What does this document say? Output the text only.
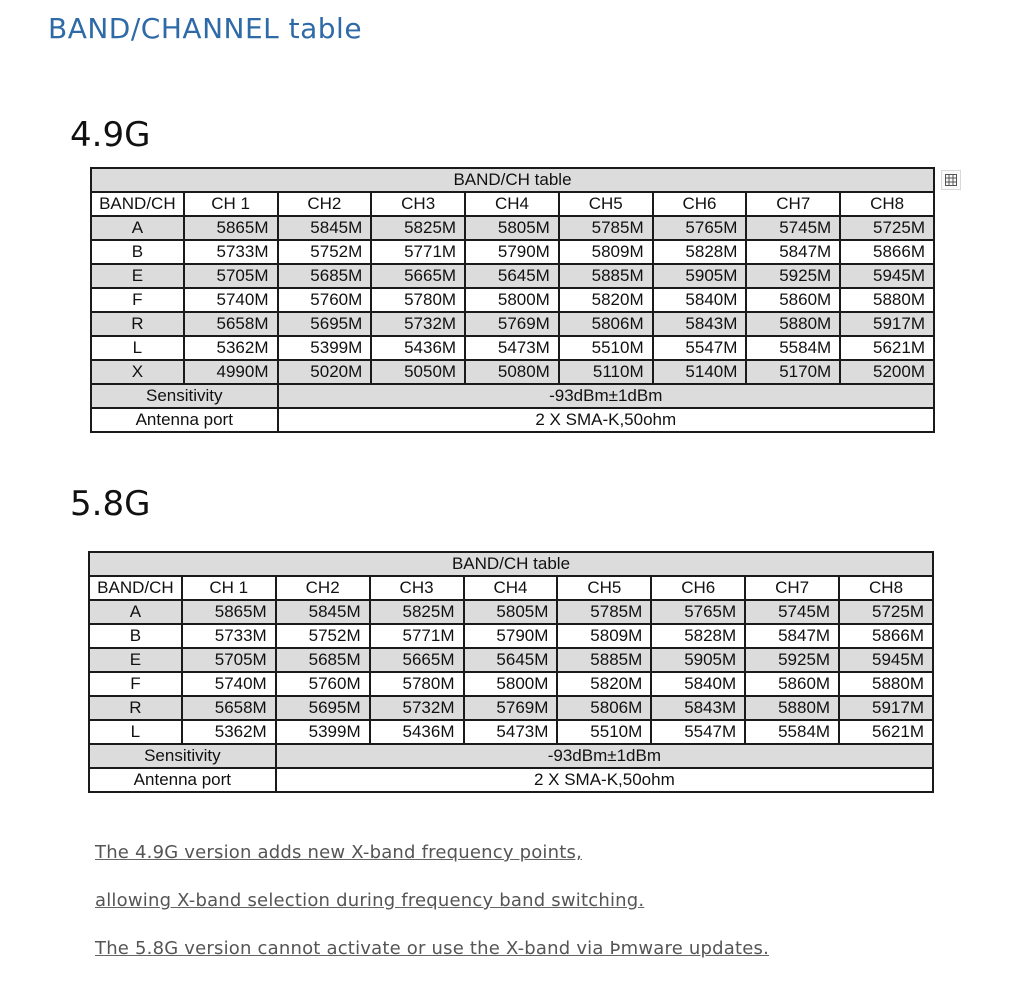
BAND/CHANNEL table
4.9G
BAND/CH table								
BAND/CH	CH 1	CH2	CH3	CH4	CH5	CH6	CH7	CH8
A	5865M	5845M	5825M	5805M	5785M	5765M	5745M	5725M
B	5733M	5752M	5771M	5790M	5809M	5828M	5847M	5866M
E	5705M	5685M	5665M	5645M	5885M	5905M	5925M	5945M
F	5740M	5760M	5780M	5800M	5820M	5840M	5860M	5880M
R	5658M	5695M	5732M	5769M	5806M	5843M	5880M	5917M
L	5362M	5399M	5436M	5473M	5510M	5547M	5584M	5621M
X	4990M	5020M	5050M	5080M	5110M	5140M	5170M	5200M
Sensitivity		-93dBm±1dBm						
Antenna port		2 X SMA-K,50ohm						
5.8G
BAND/CH table								
BAND/CH	CH 1	CH2	CH3	CH4	CH5	CH6	CH7	CH8
A	5865M	5845M	5825M	5805M	5785M	5765M	5745M	5725M
B	5733M	5752M	5771M	5790M	5809M	5828M	5847M	5866M
E	5705M	5685M	5665M	5645M	5885M	5905M	5925M	5945M
F	5740M	5760M	5780M	5800M	5820M	5840M	5860M	5880M
R	5658M	5695M	5732M	5769M	5806M	5843M	5880M	5917M
L	5362M	5399M	5436M	5473M	5510M	5547M	5584M	5621M
Sensitivity		-93dBm±1dBm						
Antenna port		2 X SMA-K,50ohm						
The 4.9G version adds new X-band frequency points,
allowing X-band selection during frequency band switching.
The 5.8G version cannot activate or use the X-band via Þmware updates.
